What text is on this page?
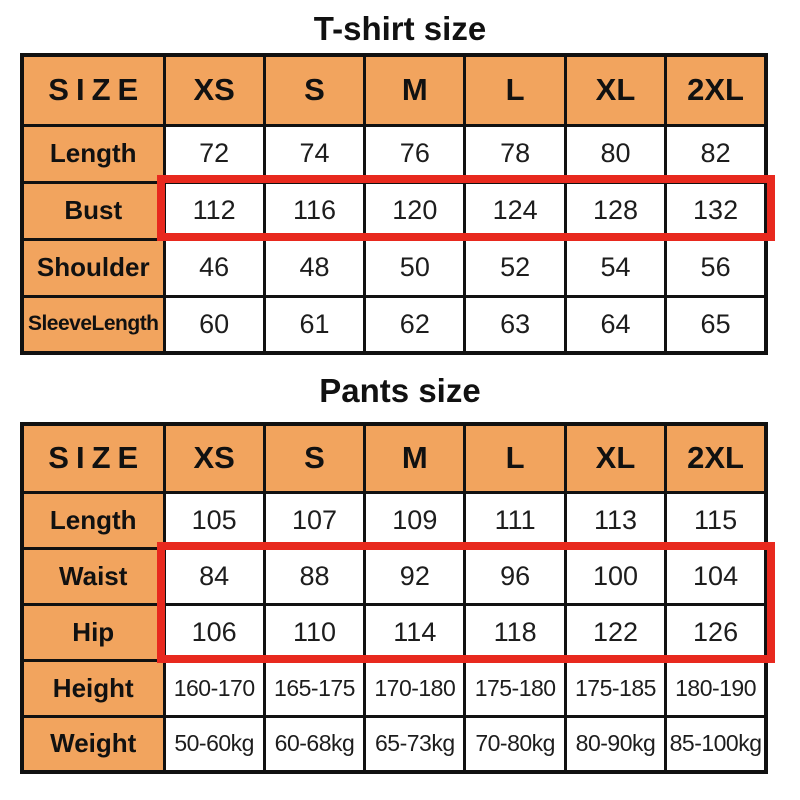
T-shirt size
SIZE	XS	S	M	L	XL	2XL
Length	72	74	76	78	80	82
Bust	112	116	120	124	128	132
Shoulder	46	48	50	52	54	56
SleeveLength	60	61	62	63	64	65
Pants size
SIZE	XS	S	M	L	XL	2XL
Length	105	107	109	111	113	115
Waist	84	88	92	96	100	104
Hip	106	110	114	118	122	126
Height	160-170	165-175	170-180	175-180	175-185	180-190
Weight	50-60kg	60-68kg	65-73kg	70-80kg	80-90kg	85-100kg
